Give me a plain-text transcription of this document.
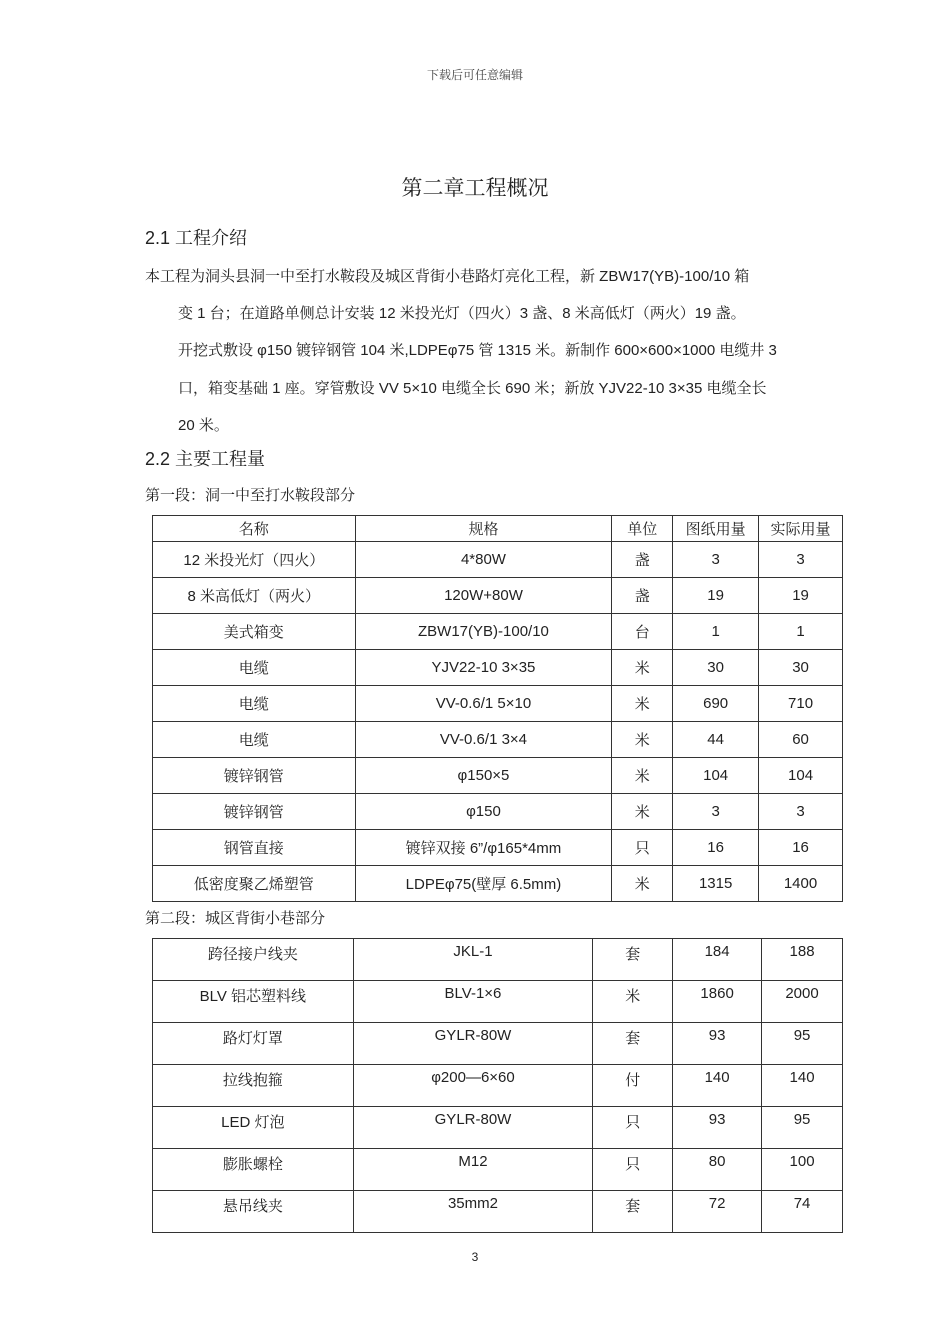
下载后可任意编辑
第二章工程概况
2.1 工程介绍
本工程为洞头县洞一中至打水鞍段及城区背街小巷路灯亮化工程，新 ZBW17(YB)-100/10 箱
变 1 台；在道路单侧总计安装 12 米投光灯（四火）3 盏、8 米高低灯（两火）19 盏。
开挖式敷设 φ150 镀锌钢管 104 米,LDPEφ75 管 1315 米。新制作 600×600×1000 电缆井 3
口，箱变基础 1 座。穿管敷设 VV 5×10 电缆全长 690 米；新放 YJV22-10 3×35 电缆全长
20 米。
2.2 主要工程量
第一段：洞一中至打水鞍段部分
名称	规格	单位	图纸用量	实际用量
12 米投光灯（四火）	4*80W	盏	3	3
8 米高低灯（两火）	120W+80W	盏	19	19
美式箱变	ZBW17(YB)-100/10	台	1	1
电缆	YJV22-10 3×35	米	30	30
电缆	VV-0.6/1 5×10	米	690	710
电缆	VV-0.6/1 3×4	米	44	60
镀锌钢管	φ150×5	米	104	104
镀锌钢管	φ150	米	3	3
钢管直接	镀锌双接 6”/φ165*4mm	只	16	16
低密度聚乙烯塑管	LDPEφ75(壁厚 6.5mm)	米	1315	1400
第二段：城区背街小巷部分
跨径接户线夹	JKL-1	套	184	188
BLV 铝芯塑料线	BLV-1×6	米	1860	2000
路灯灯罩	GYLR-80W	套	93	95
拉线抱箍	φ200—6×60	付	140	140
LED 灯泡	GYLR-80W	只	93	95
膨胀螺栓	M12	只	80	100
悬吊线夹	35mm2	套	72	74
3
